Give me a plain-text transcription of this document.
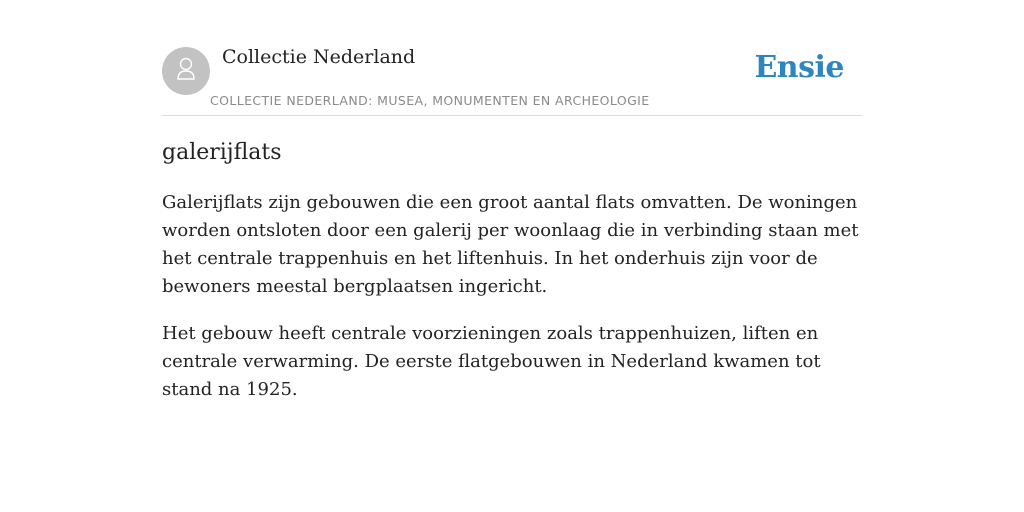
Collectie Nederland
COLLECTIE NEDERLAND: MUSEA, MONUMENTEN EN ARCHEOLOGIE
Ensie
galerijflats

Galerijflats zijn gebouwen die een groot aantal flats omvatten. De woningen worden ontsloten door een galerij per woonlaag die in verbinding staan met het centrale trappenhuis en het liftenhuis. In het onderhuis zijn voor de bewoners meestal bergplaatsen ingericht.

Het gebouw heeft centrale voorzieningen zoals trappenhuizen, liften en centrale verwarming. De eerste flatgebouwen in Nederland kwamen tot stand na 1925.
